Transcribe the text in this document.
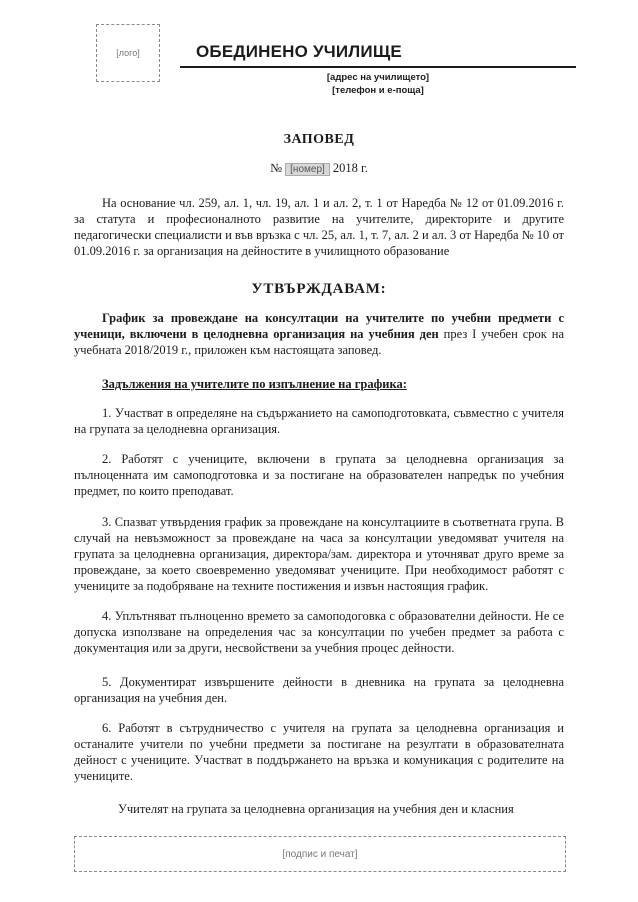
[лого]	ОБЕДИНЕНО УЧИЛИЩЕ
[адрес на училището]
[телефон и е-поща]
ЗАПОВЕД
№ [номер] 2018 г.
На основание чл. 259, ал. 1, чл. 19, ал. 1 и ал. 2, т. 1 от Наредба № 12 от 01.09.2016 г. за статута и професионалното развитие на учителите, директорите и другите педагогически специалисти и във връзка с чл. 25, ал. 1, т. 7, ал. 2 и ал. 3 от Наредба № 10 от 01.09.2016 г. за организация на дейностите в училищното образование
УТВЪРЖДАВАМ:
График за провеждане на консултации на учителите по учебни предмети с ученици, включени в целодневна организация на учебния ден през I учебен срок на учебната 2018/2019 г., приложен към настоящата заповед.
Задължения на учителите по изпълнение на графика:
1. Участват в определяне на съдържанието на самоподготовката, съвместно с учителя на групата за целодневна организация.
2. Работят с учениците, включени в групата за целодневна организация за пълноценната им самоподготовка и за постигане на образователен напредък по учебния предмет, по които преподават.
3. Спазват утвърдения график за провеждане на консултациите в съответната група. В случай на невъзможност за провеждане на часа за консултации уведомяват учителя на групата за целодневна организация, директора/зам. директора и уточняват друго време за провеждане, за което своевременно уведомяват учениците. При необходимост работят с учениците за подобряване на техните постижения и извън настоящия график.
4. Уплътняват пълноценно времето за самоподоговка с образователни дейности. Не се допуска използване на определения час за консултации по учебен предмет за работа с документация или за други, несвойствени за учебния процес дейности.
5. Документират извършените дейности в дневника на групата за целодневна организация на учебния ден.
6. Работят в сътрудничество с учителя на групата за целодневна организация и останалите учители по учебни предмети за постигане на резултати в образователната дейност с учениците. Участват в поддържането на връзка и комуникация с родителите на учениците.
Учителят на групата за целодневна организация на учебния ден и класния
[подпис и печат]
